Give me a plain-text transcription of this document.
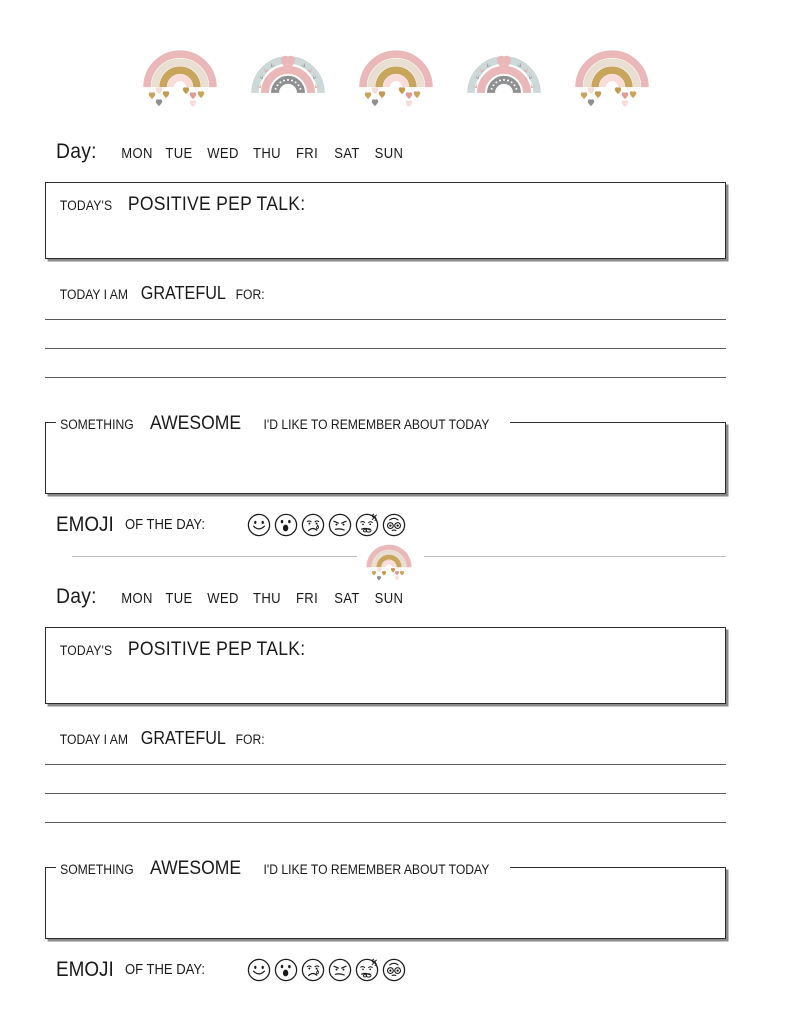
Day: MON TUE	WED THU	FRI	SAT	SUN
TODAY'S POSITIVE PEP TALK:
TODAY I AM GRATEFUL FOR:
SOMETHING AWESOME I'D LIKE TO REMEMBER ABOUT TODAY
EMOJI OF THE DAY:
Day: MON TUE	WED THU	FRI	SAT	SUN
TODAY'S POSITIVE PEP TALK:
TODAY I AM GRATEFUL FOR:
SOMETHING AWESOME I'D LIKE TO REMEMBER ABOUT TODAY
EMOJI OF THE DAY:
